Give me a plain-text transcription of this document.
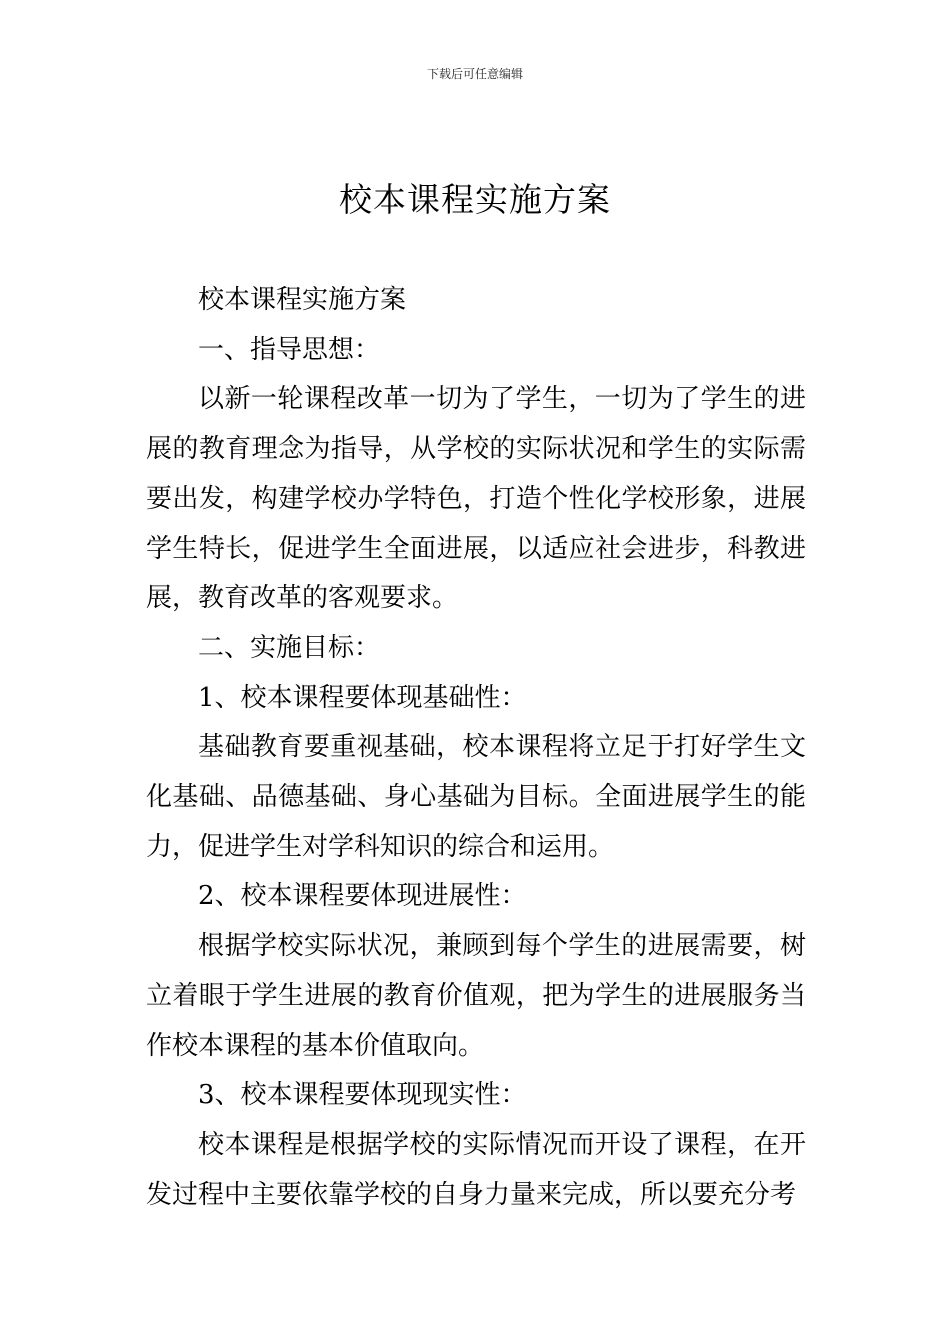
下载后可任意编辑
校本课程实施方案

校本课程实施方案

一、指导思想：

以新一轮课程改革一切为了学生，一切为了学生的进展的教育理念为指导，从学校的实际状况和学生的实际需要出发，构建学校办学特色，打造个性化学校形象，进展学生特长，促进学生全面进展，以适应社会进步，科教进展，教育改革的客观要求。

二、实施目标：

1、校本课程要体现基础性：

基础教育要重视基础，校本课程将立足于打好学生文化基础、品德基础、身心基础为目标。全面进展学生的能力，促进学生对学科知识的综合和运用。

2、校本课程要体现进展性：

根据学校实际状况，兼顾到每个学生的进展需要，树立着眼于学生进展的教育价值观，把为学生的进展服务当作校本课程的基本价值取向。

3、校本课程要体现现实性：

校本课程是根据学校的实际情况而开设了课程，在开发过程中主要依靠学校的自身力量来完成，所以要充分考
